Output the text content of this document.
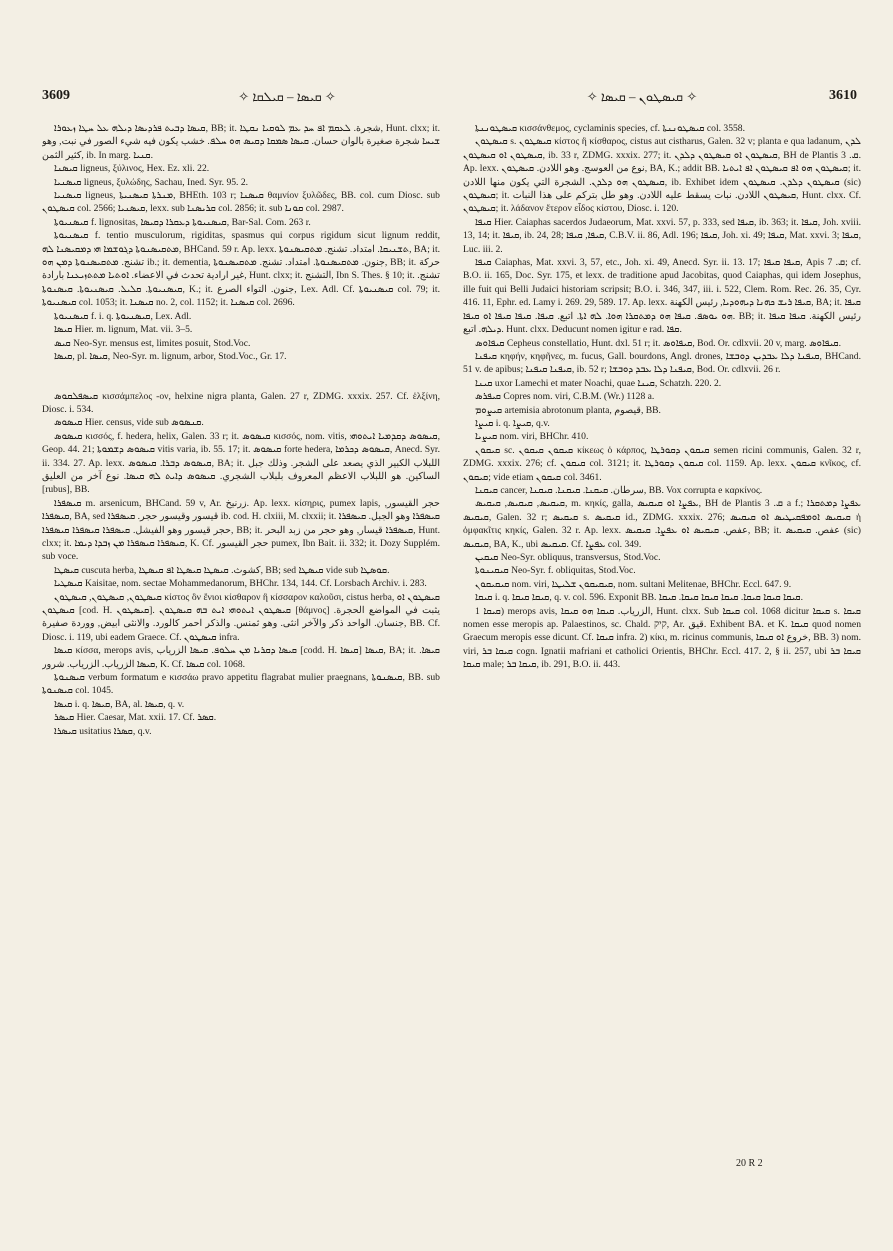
3609	✧ ܩܝܣܐ – ܩܝܠܩܐ ✧	✧ ܩܝܣܛܘܢ – ܩܝܣܐ ✧	3610

ܩܝܣܐ ܕܒܝܬ ܦܪܕܝܣܐ ܕܝܠܗ ܥܠ ܚܛܐ ܙܥܘܪܐ, BB; it. شجرة. ܠܥܩܡ ܐܦ ܚܕ ܥܡ ܠܘܩܝܐ ܢܩܛܐ, Hunt. clxx; it. ܫܝܚܐ شجرة صغيرة بالوان حسان. ܩܝܣܐ ܣܡܩܐ ܕܩܝܣ ܗܘ ܚܠܦ. خشب يكون فيه شيء الصور في نبت, وهو كثير الثمن, ib. In marg. ܩܢܝܐ.

ܩܝܣܢܐ ligneus, ξύλινος, Hex. Ez. xli. 22.

ܩܝܣܢܝܐ ligneus, ξυλώδης, Sachau, Ined. Syr. 95. 2.

ܩܝܣܢܝܐ ligneus, ܡܢܪܬܐ ܩܝܣܢܝܬܐ, BHEth. 103 r; ܩܝܣܢܐ θαμνίον ξυλῶδες, BB. col. cum Diosc. sub ܩܝܣܛܘܢ col. 2566; ܩܝܣܢܝܐ, lexx. sub ܩܪܝܣܢܐ col. 2856; it. sub ܩܘܢܐ col. 2987.

ܩܝܣܢܝܘܬܐ f. lignositas, ܩܝܣܢܝܘܬܐ ܕܥܩܪܐ ܕܩܝܣܐ, Bar-Sal. Com. 263 r.

ܩܝܣܢܝܘܬܐ f. tentio musculorum, rigiditas, spasmus qui corpus rigidum sicut lignum reddit, ܡܬܩܝܣܢܘܬܐ ܕܓܘܫܡܐ ܗܝ ܕܡܩܝܣܢܐ ܠܗ, BHCand. 59 r. Ap. lexx. ܬܫܢܝܩܐ. امتداد. تشنج. ܡܬܩܝܣܢܘܬܐ, BA; it. تشنج. ܡܬܩܝܣܢܘܬܐ ܕܡܢ ܗܘ ib.; it. dementia, جنون. ܡܬܩܝܣܢܘܬܐ. امتداد. تشنج. ܡܬܩܝܣܢܘܬܐ, BB; it. حركة غير ارادية تحدث في الاعضاء. ܐܘܬܝܐ ܡܬܬܙܝܥܢܐ بارادة, Hunt. clxx; it. التشنج, Ibn S. Thes. § 10; it. تشنج. ܩܝܣܢܝܘܬܐ. ܩܠܝܠ. ܩܝܣܢܝܘܬܐ. ܩܝܣܢܘܬܐ, K.; it. جنون. التواء الصرع, Lex. Adl. Cf. ܩܝܣܢܝܘܬܐ col. 79; it. ܩܝܣܢܝܘܬܐ col. 1053; it. ܩܝܣܢܐ no. 2, col. 1152; it. ܩܝܣܢܐ col. 2696.

ܩܝܣܢܝܘܬܐ f. i. q. ܩܝܣܢܝܘܬܐ, Lex. Adl.

ܩܝܣܐ Hier. m. lignum, Mat. vii. 3–5.

ܩܝܣ Neo-Syr. mensus est, limites posuit, Stod.Voc.

ܩܝܣܐ, pl. ܩܝܣܐ, Neo-Syr. m. lignum, arbor, Stod.Voc., Gr. 17.

ܩܝܣܦܠܩܘܣ κισσάμπελος -ον, helxine nigra planta, Galen. 27 r, ZDMG. xxxix. 257. Cf. ἑλξίνη, Diosc. i. 534.

ܩܝܣܘܣ Hier. census, vide sub ܩܢܣܘܣ.

ܩܝܣܘܣ κισσός, f. hedera, helix, Galen. 33 r; it. ܩܝܣܘܣ κισσός, nom. vitis, ܩܝܣܘܣ ܕܩܕܡܝܐ ܐܝܬܘܗܝ, Geop. 44. 21; ܩܝܣܘܣ ܕܫܡܘܬܐ vitis varia, ib. 55. 17; it. ܩܝܣܘܣ forte hedera, ܩܝܣܘܣ ܕܟܪܡܐ, Anecd. Syr. ii. 334. 27. Ap. lexx. ܩܝܣܘܣ ܕܒܪܐ. ܩܝܣܘܣ, BA; it. اللبلاب الكبير الذي يصعد على الشجر. وذلك جبل الساكين. هو اللبلاب الاعظم المعروف بلبلاب الشجري. ܩܝܣܘܣ ܕܐܝܬ ܠܗ ܩܝܣܐ. نوع آخر من العليق [rubus], BB.

ܩܝܣܦܪܐ m. arsenicum, BHCand. 59 v, Ar. زرنيخ. Ap. lexx. κίσηρις, pumex lapis, حجر القيسور, ܩܝܣܦܪܐ, BA, sed قيسور وقيسور حجر. ܩܝܣܦܪܐ ib. cod. H. clxiii, M. clxxii; it. ܩܝܣܦܪܐ وهو الجبل. ܩܝܣܦܪܐ حجر قيسور وهو الفيشل. ܩܝܣܦܪܐ ܩܝܣܦܪܐ ܩܝܣܦܪܐ, BB; it. ܩܝܣܦܪܐ قيسار, وهو حجر من زبد البحر, Hunt. clxx; it. ܩܝܣܦܪܐ ܩܝܣܦܪܐ ܡܢ ܙܒܕܐ ܕܝܡܐ, K. Cf. حجر القيسور pumex, Ibn Bait. ii. 332; it. Dozy Supplém. sub voce.

ܩܝܣܛܐ cuscuta herba, كشوث. ܩܝܣܛܐ ܩܝܣܛܐ ܐܦ ܩܝܣܛܐ, BB; sed ܩܝܣܛܐ vide sub ܩܘܣܛܐ.

ܩܝܣܛܝܐ Kaisitae, nom. sectae Mohammedanorum, BHChr. 134, 144. Cf. Lorsbach Archiv. i. 283.

ܩܝܣܛܘܢ, ܩܝܣܛܘܢ, ܩܝܣܛܘܢ κίστος ὃν ἔνιοι κίσθαρον ἢ κίσσαρον καλοῦσι, cistus herba, ܩܝܣܛܘܢ ܐܘ ܩܝܣܛܘܢ [cod. H. ܩܝܣܛܘܢ]. ܩܝܣܛܘܢ ܐܝܬܘܗܝ ܐܝܬ ܒܗ ܩܝܣܛܘܢ [θάμνος] يثبت في المواضع الحجرة. جنسان. الواحد ذكر والآخر انثى. وهو ثمنس. والذكر احمر كالورد. والانثى ابيض, ووردة صفيرة, BB. Cf. Diosc. i. 119, ubi eadem Graece. Cf. ܩܝܣܛܘܢ infra.

ܩܝܣܐ κίσσα, merops avis, ܩܝܣܐ ܕܩܪܝܐ ܡܢ ܚܠܘܦ. ܩܝܣܐ الزرياب [codd. H. ܩܝܣܐ] ܩܝܣܐ, BA; it. ܩܝܣܐ. ܩܝܣܐ الزرياب. الزرياب. شرور, K. Cf. ܩܝܣܐ col. 1068.

ܩܝܣܢܘܬܐ verbum formatum e κισσάω pravo appetitu flagrabat mulier praegnans, ܩܝܣܢܘܬܐ, BB. sub ܩܝܣܢܘܬܐ col. 1045.

ܩܝܣܐ i. q. ܩܝܣܐ, BA, al. ܩܝܣܐ, q. v.

ܩܝܣܪ Hier. Caesar, Mat. xxii. 17. Cf. ܩܣܪ.

ܩܝܣܪܐ usitatius ܩܣܪܐ, q.v.

ܩܝܣܛܘܢܢܬܐ κισσάνθεμος, cyclaminis species, cf. ܩܝܣܛܘܢܢܬܐ col. 3558.

ܩܝܣܛܘܢ s. ܩܝܣܛܘܢ κίστος ἢ κίσθαρος, cistus aut cistharus, Galen. 32 v; planta e qua ladanum, ܠܕܢ ܩܝܣܛܘܢ ܐܘ ܩܝܣܛܘܢ, ib. 33 r, ZDMG. xxxix. 277; it. ܩܝܣܛܘܢ ܐܘ ܩܝܣܛܘܢ ܕܠܕܢ, BH de Plantis ܩ. 3. Ap. lexx. نوع من العوسج. وهو اللادن. ܩܝܣܛܘܢ, BA, K.; addit BB. ܩܝܣܛܘܢ ܗܘ ܐܦ ܩܝܣܛܘܢ ܐܦ ܐܝܬܝܐ; it. ܩܝܣܛܘܢ ܗܘ ܕܠܕܢ. الشجرة التي يكون منها اللادن, ib. Exhibet idem ܩܝܣܛܘܢ ܕܠܕܢ. ܩܝܣܛܘܢ (sic) ܩܝܣܛܘܢ; it. ܩܝܣܛܘܢ اللادن. نبات يسقط عليه اللادن. وهو طل بتركم على هذا النبات, Hunt. clxx. Cf. ܩܝܣܛܘܢ; it. λάδανον ἕτερον εἶδος κίστου, Diosc. i. 120.

ܩܝܦܐ Hier. Caiaphas sacerdos Judaeorum, Mat. xxvi. 57, p. 333, sed ܩܝܦܐ, ib. 363; it. ܩܝܦܐ, Joh. xviii. 13, 14; it. ܩܝܦܐ, ib. 24, 28; ܩܝܦܐ, ܩܝܦܐ, C.B.V. ii. 86, Adl. 196; ܩܝܦܐ, Joh. xi. 49; ܩܝܦܐ, Mat. xxvi. 3; ܩܝܦܐ, Luc. iii. 2.

ܩܝܦܐ Caiaphas, Mat. xxvi. 3, 57, etc., Joh. xi. 49, Anecd. Syr. ii. 13. 17; ܩܝܦܐ ܩܝܦܐ, Apis ܩ. 7; cf. B.O. ii. 165, Doc. Syr. 175, et lexx. de traditione apud Jacobitas, quod Caiaphas, qui idem Josephus, ille fuit qui Belli Judaici historiam scripsit; B.O. i. 346, 347, iii. i. 522, Clem. Rom. Rec. 26. 35, Cyr. 416. 11, Ephr. ed. Lamy i. 269. 29, 589. 17. Ap. lexx. ܩܝܦܐ ܪܝܫ ܟܗܢܐ ܕܝܗܘܕܝܐ, رئيس الكهنة, BA; it. ܩܝܦܐ ܗܘ ܝܘܣܦ. ܩܝܦܐ ܗܘ ܕܡܬܩܪܐ ܗܘܐ. ܠܗ ܐܬܐ. اتبع. ܩܝܦܐ. ܩܝܦܐ ܩܝܦܐ ܐܘ ܩܝܦܐ. BB; it. رئيس الكهنة. ܩܝܦܐ ܩܝܦܐ ܕܝܠܗ. اتبع. Hunt. clxx. Deducunt nomen igitur e rad. ܩܦܐ.

ܩܝܦܐܘܣ Cepheus constellatio, Hunt. dxl. 51 r; it. ܩܝܦܐܘܣ, Bod. Or. cdlxvii. 20 v, marg. ܩܝܦܐܘܣ.

ܩܝܦܢܐ κηφήν, κηφῆνες, m. fucus, Gall. bourdons, Angl. drones, ܩܝܦܢܐ ܕܠܐ ܥܒܕܝܢ ܕܘܒܫܐ, BHCand. 51 v. de apibus; ܩܝܦܢܐ ܩܝܦܢܐ, ib. 52 r; ܩܝܦܢܐ ܕܠܐ ܥܒܕ ܕܘܒܫܐ, Bod. Or. cdlxvii. 26 r.

ܩܝܢܐ uxor Lamechi et mater Noachi, quae ܩܝܢܐ, Schatzh. 220. 2.

ܩܝܦܪܣ Copres nom. viri, C.B.M. (Wr.) 1128 a.

ܩܝܨܘܡ artemisia abrotonum planta, قيصوم, BB.

ܩܝܨܐ i. q. ܩܝܨܐ, q.v.

ܩܝܨܝܐ nom. viri, BHChr. 410.

ܩܝܩܘܢ sc. ܩܝܩܘܢ ܩܝܩܘܢ κίκεως ὁ κάρπος, ܩܝܩܘܢ ܕܩܘܪܛܐ semen ricini communis, Galen. 32 r, ZDMG. xxxix. 276; cf. ܩܝܩܘܢ col. 3121; it. ܩܝܩܘܢ ܕܩܘܪܛܐ col. 1159. Ap. lexx. ܩܝܩܘܢ κνῖκος, cf. ܩܝܩܘܢ; vide etiam ܩܝܩܘܢ col. 3461.

ܩܝܩܢܐ cancer, سرطان. ܩܝܩܢܐ. ܩܝܩܢܐ. ܩܝܩܢܐ, BB. Vox corrupta e καρκίνος.

ܩܝܩܝܣ, ܩܝܩܝܣ, ܩܝܩܝܣ, m. κηκίς, galla, ܥܦܨܐ ܐܘ ܩܝܩܝܣ, BH de Plantis ܩ. 3 a f.; ܥܦܨܐ ܕܡܬܩܪܐ ܩܝܩܝܣ, Galen. 32 r; ܩܝܩܝܣ s. ܩܝܩܝܣ id., ZDMG. xxxix. 276; ܩܝܩܝܣ ܐܘܡܦܩܝܛܝܣ ܐܘ ܩܝܩܝܣ ἡ ὀμφακῖτις κηκίς, Galen. 32 r. Ap. lexx. عفص. ܩܝܩܝܣ ܐܘ ܥܦܨܐ. ܩܝܩܝܣ, BB; it. عفص. ܩܝܩܝܣ (sic) ܩܝܩܝܣ, BA, K., ubi ܩܝܩܝܣ. Cf. ܥܦܨܐ col. 349.

ܩܝܩܝܢ Neo-Syr. obliquus, transversus, Stod.Voc.

ܩܝܩܝܢܘܬܐ Neo-Syr. f. obliquitas, Stod.Voc.

ܩܝܩܝܩܘܢ nom. viri, ܩܝܩܝܩܘܢ ܫܠܝܛܐ, nom. sultani Melitenae, BHChr. Eccl. 647. 9.

ܩܝܩܐ i. q. ܩܝܩܐ ܩܝܩܐ, q. v. col. 596. Exponit BB. ܩܝܩܐ ܩܝܩܐ ܩܝܩܐ. ܩܝܩܐ ܩܝܩܐ ܩܝܩܐ. ܩܝܩܐ.

ܩܝܩܐ 1) merops avis, الزرياب. ܩܝܩܐ ܗܘ ܩܝܩܐ, Hunt. clxx. Sub ܩܝܩܐ col. 1068 dicitur ܩܝܩܐ s. ܩܝܩܐ nomen esse meropis ap. Palaestinos, sc. Chald. קיק, Ar. قيق. Exhibent BA. et K. ܩܝܩܐ quod nomen Graecum meropis esse dicunt. Cf. ܩܝܩܐ infra. 2) κίκι, m. ricinus communis, خروع ܐܘ ܩܝܩܐ, BB. 3) nom. viri, ܩܝܩܐ ܒܪ cogn. Ignatii mafriani et catholici Orientis, BHChr. Eccl. 417. 2, § ii. 257, ubi ܩܝܩܐ ܒܪ ܩܝܩܐ male; ܩܝܩܐ ܒܪ, ib. 291, B.O. ii. 443.

20 R 2
